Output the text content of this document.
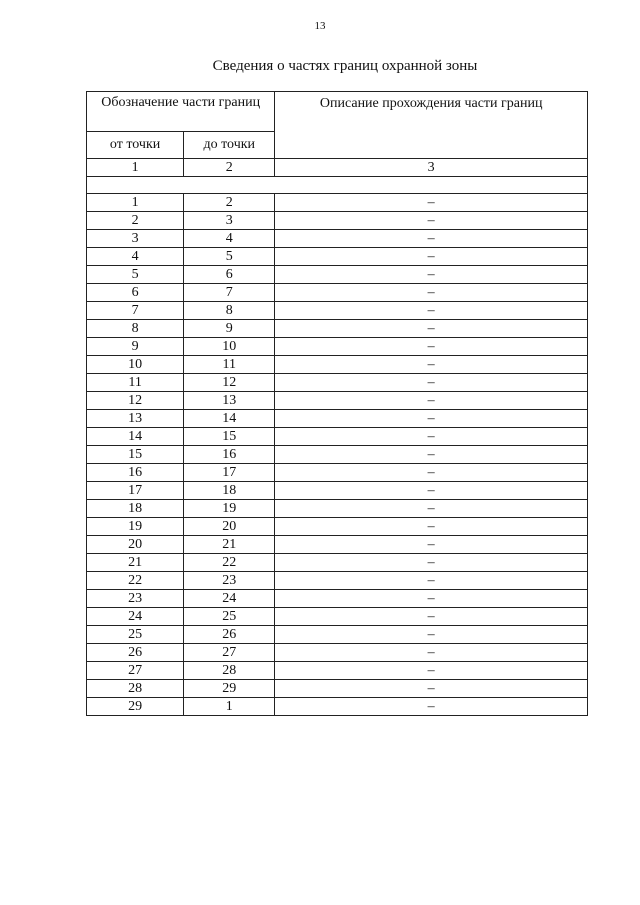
13
Сведения о частях границ охранной зоны
Обозначение части границ		Описание прохождения части границ
от точки	до точки	
1	2	3

1	2	–
2	3	–
3	4	–
4	5	–
5	6	–
6	7	–
7	8	–
8	9	–
9	10	–
10	11	–
11	12	–
12	13	–
13	14	–
14	15	–
15	16	–
16	17	–
17	18	–
18	19	–
19	20	–
20	21	–
21	22	–
22	23	–
23	24	–
24	25	–
25	26	–
26	27	–
27	28	–
28	29	–
29	1	–
